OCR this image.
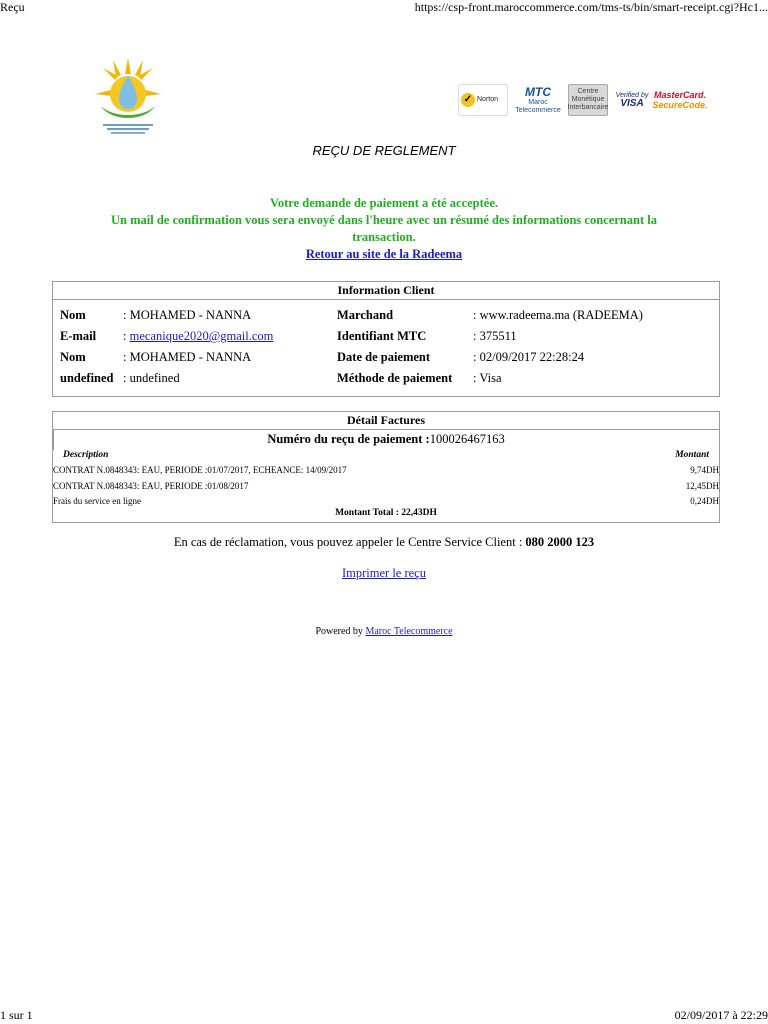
Reçu	https://csp-front.maroccommerce.com/tms-ts/bin/smart-receipt.cgi?Hc1...
✓ Norton
MTC
Maroc Telecommerce
Centre Monétique Interbancaire
Verified by
VISA
MasterCard.
SecureCode.
REÇU DE REGLEMENT
Votre demande de paiement a été acceptée.
Un mail de confirmation vous sera envoyé dans l'heure avec un résumé des informations concernant la transaction.
Retour au site de la Radeema
Information Client
Nom	: MOHAMED - NANNA	Marchand	: www.radeema.ma (RADEEMA)
E-mail : mecanique2020@gmail.com	Identifiant MTC	: 375511
Nom	: MOHAMED - NANNA	Date de paiement	: 02/09/2017 22:28:24
undefined : undefined	Méthode de paiement : Visa
Détail Factures
Numéro du reçu de paiement :100026467163
Description	Montant
CONTRAT N.0848343: EAU, PERIODE :01/07/2017, ECHEANCE: 14/09/2017	9,74DH
CONTRAT N.0848343: EAU, PERIODE :01/08/2017	12,45DH
Frais du service en ligne	0,24DH
Montant Total : 22,43DH
En cas de réclamation, vous pouvez appeler le Centre Service Client : 080 2000 123
Imprimer le reçu
Powered by Maroc Telecommerce
1 sur 1	02/09/2017 à 22:29
